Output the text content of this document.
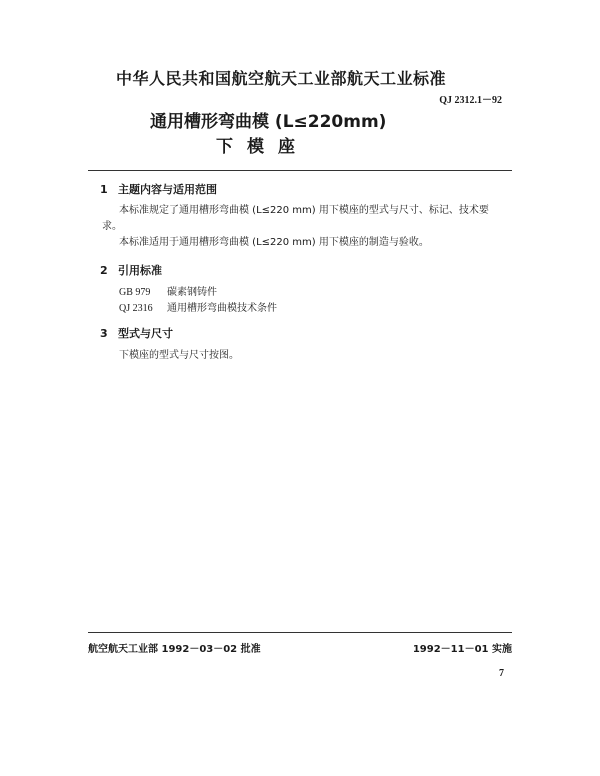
中华人民共和国航空航天工业部航天工业标准
QJ 2312.1－92
通用槽形弯曲模 (L≤220mm)
下模座
1 主题内容与适用范围
本标准规定了通用槽形弯曲模 (L≤220 mm) 用下模座的型式与尺寸、标记、技术要
求。
本标准适用于通用槽形弯曲模 (L≤220 mm) 用下模座的制造与验收。
2 引用标准
GB 979 碳素钢铸件
QJ 2316 通用槽形弯曲模技术条件
3 型式与尺寸
下模座的型式与尺寸按图。
航空航天工业部 1992－03－02 批准	1992－11－01 实施
7
